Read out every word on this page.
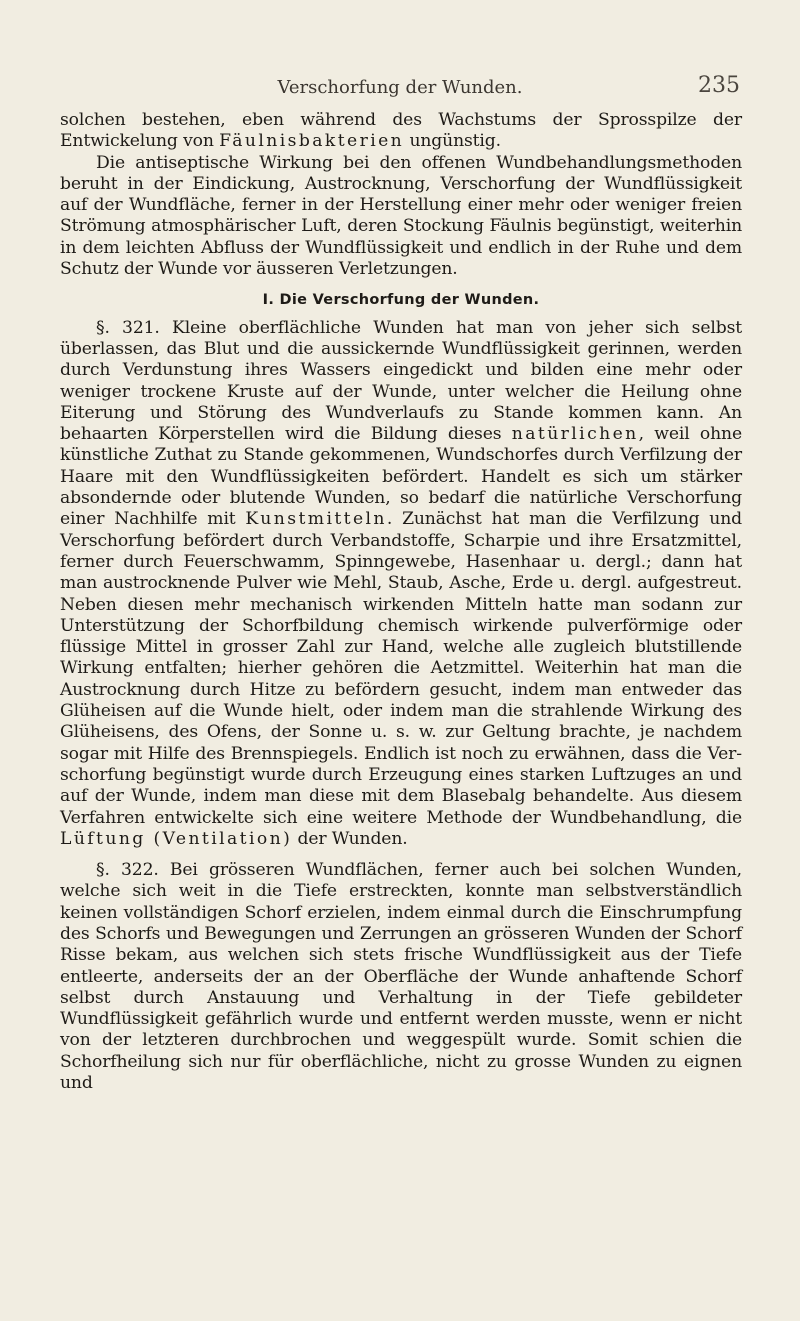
Verschorfung der Wunden.	235

solchen bestehen, eben während des Wachstums der Sprosspilze der Entwickelung von Fäulnisbakterien ungünstig.

Die antiseptische Wirkung bei den offenen Wundbehandlungsmethoden beruht in der Eindickung, Austrocknung, Verschorfung der Wundflüssigkeit auf der Wundfläche, ferner in der Herstellung einer mehr oder weniger freien Strömung atmosphärischer Luft, deren Stockung Fäulnis begünstigt, weiterhin in dem leichten Abfluss der Wundflüssigkeit und endlich in der Ruhe und dem Schutz der Wunde vor äusseren Verletzungen.

I. Die Verschorfung der Wunden.

§. 321. Kleine oberflächliche Wunden hat man von jeher sich selbst überlassen, das Blut und die aussickernde Wundflüssigkeit gerinnen, werden durch Verdunstung ihres Wassers eingedickt und bilden eine mehr oder weniger trockene Kruste auf der Wunde, unter welcher die Heilung ohne Eiterung und Störung des Wundverlaufs zu Stande kommen kann. An behaarten Körperstellen wird die Bildung dieses natürlichen, weil ohne künstliche Zuthat zu Stande gekommenen, Wundschorfes durch Verfilzung der Haare mit den Wundflüssigkeiten befördert. Handelt es sich um stärker absondernde oder blutende Wunden, so bedarf die natürliche Verschorfung einer Nachhilfe mit Kunstmitteln. Zunächst hat man die Verfilzung und Verschorfung befördert durch Verbandstoffe, Scharpie und ihre Ersatzmittel, ferner durch Feuerschwamm, Spinngewebe, Hasenhaar u. dergl.; dann hat man austrocknende Pulver wie Mehl, Staub, Asche, Erde u. dergl. aufgestreut. Neben diesen mehr mechanisch wirkenden Mitteln hatte man sodann zur Unterstützung der Schorfbildung chemisch wirkende pulverförmige oder flüssige Mittel in grosser Zahl zur Hand, welche alle zugleich blutstillende Wirkung entfalten; hierher gehören die Aetzmittel. Weiterhin hat man die Austrocknung durch Hitze zu befördern gesucht, indem man entweder das Glüheisen auf die Wunde hielt, oder indem man die strahlende Wirkung des Glüheisens, des Ofens, der Sonne u. s. w. zur Geltung brachte, je nachdem sogar mit Hilfe des Brennspiegels. Endlich ist noch zu erwähnen, dass die Verschorfung begünstigt wurde durch Erzeugung eines starken Luftzuges an und auf der Wunde, indem man diese mit dem Blasebalg behandelte. Aus diesem Verfahren entwickelte sich eine weitere Methode der Wundbehandlung, die Lüftung (Ventilation) der Wunden.

§. 322. Bei grösseren Wundflächen, ferner auch bei solchen Wunden, welche sich weit in die Tiefe erstreckten, konnte man selbstverständlich keinen vollständigen Schorf erzielen, indem einmal durch die Einschrumpfung des Schorfs und Bewegungen und Zerrungen an grösseren Wunden der Schorf Risse bekam, aus welchen sich stets frische Wundflüssigkeit aus der Tiefe entleerte, anderseits der an der Oberfläche der Wunde anhaftende Schorf selbst durch Anstauung und Verhaltung in der Tiefe gebildeter Wundflüssigkeit gefährlich wurde und entfernt werden musste, wenn er nicht von der letzteren durchbrochen und weggespült wurde. Somit schien die Schorfheilung sich nur für oberflächliche, nicht zu grosse Wunden zu eignen und
